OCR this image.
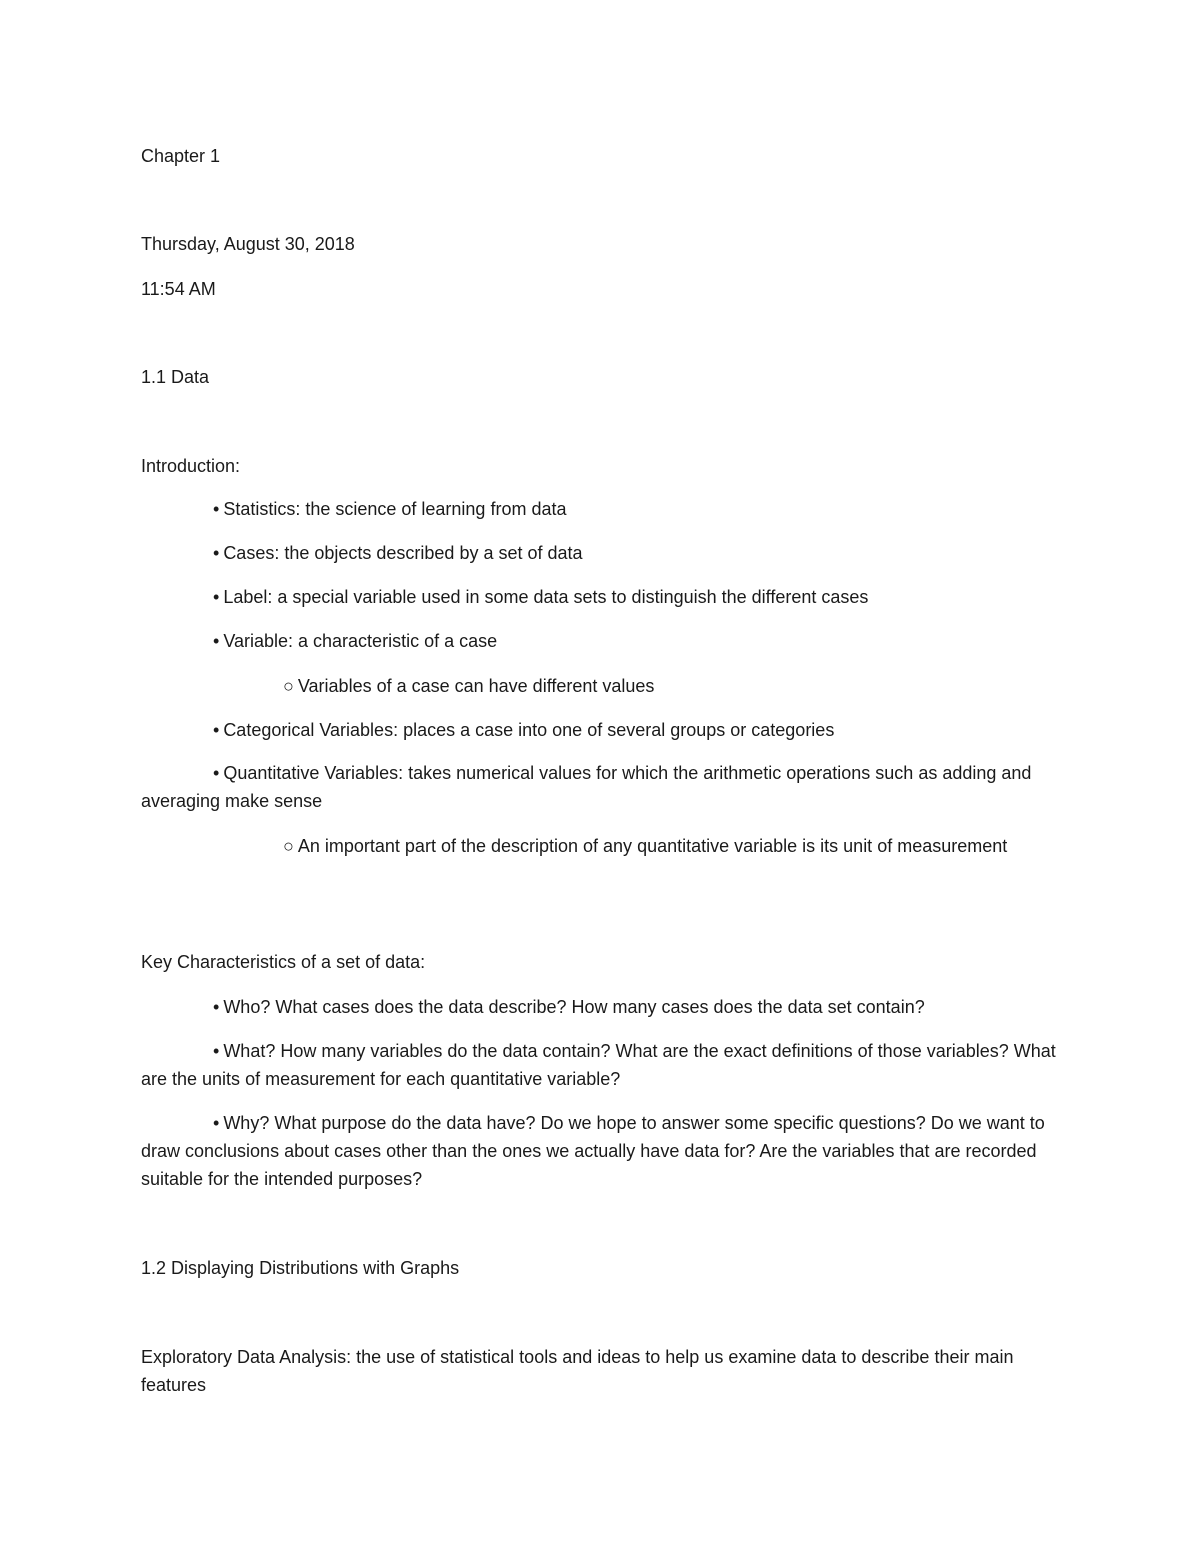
Chapter 1
Thursday, August 30, 2018
11:54 AM
1.1 Data
Introduction:
• Statistics: the science of learning from data
• Cases: the objects described by a set of data
• Label: a special variable used in some data sets to distinguish the different cases
• Variable: a characteristic of a case
○ Variables of a case can have different values
• Categorical Variables: places a case into one of several groups or categories
• Quantitative Variables: takes numerical values for which the arithmetic operations such as adding and averaging make sense
○ An important part of the description of any quantitative variable is its unit of measurement
Key Characteristics of a set of data:
• Who? What cases does the data describe? How many cases does the data set contain?
• What? How many variables do the data contain? What are the exact definitions of those variables? What are the units of measurement for each quantitative variable?
• Why? What purpose do the data have? Do we hope to answer some specific questions? Do we want to draw conclusions about cases other than the ones we actually have data for? Are the variables that are recorded suitable for the intended purposes?
1.2 Displaying Distributions with Graphs
Exploratory Data Analysis: the use of statistical tools and ideas to help us examine data to describe their main features
